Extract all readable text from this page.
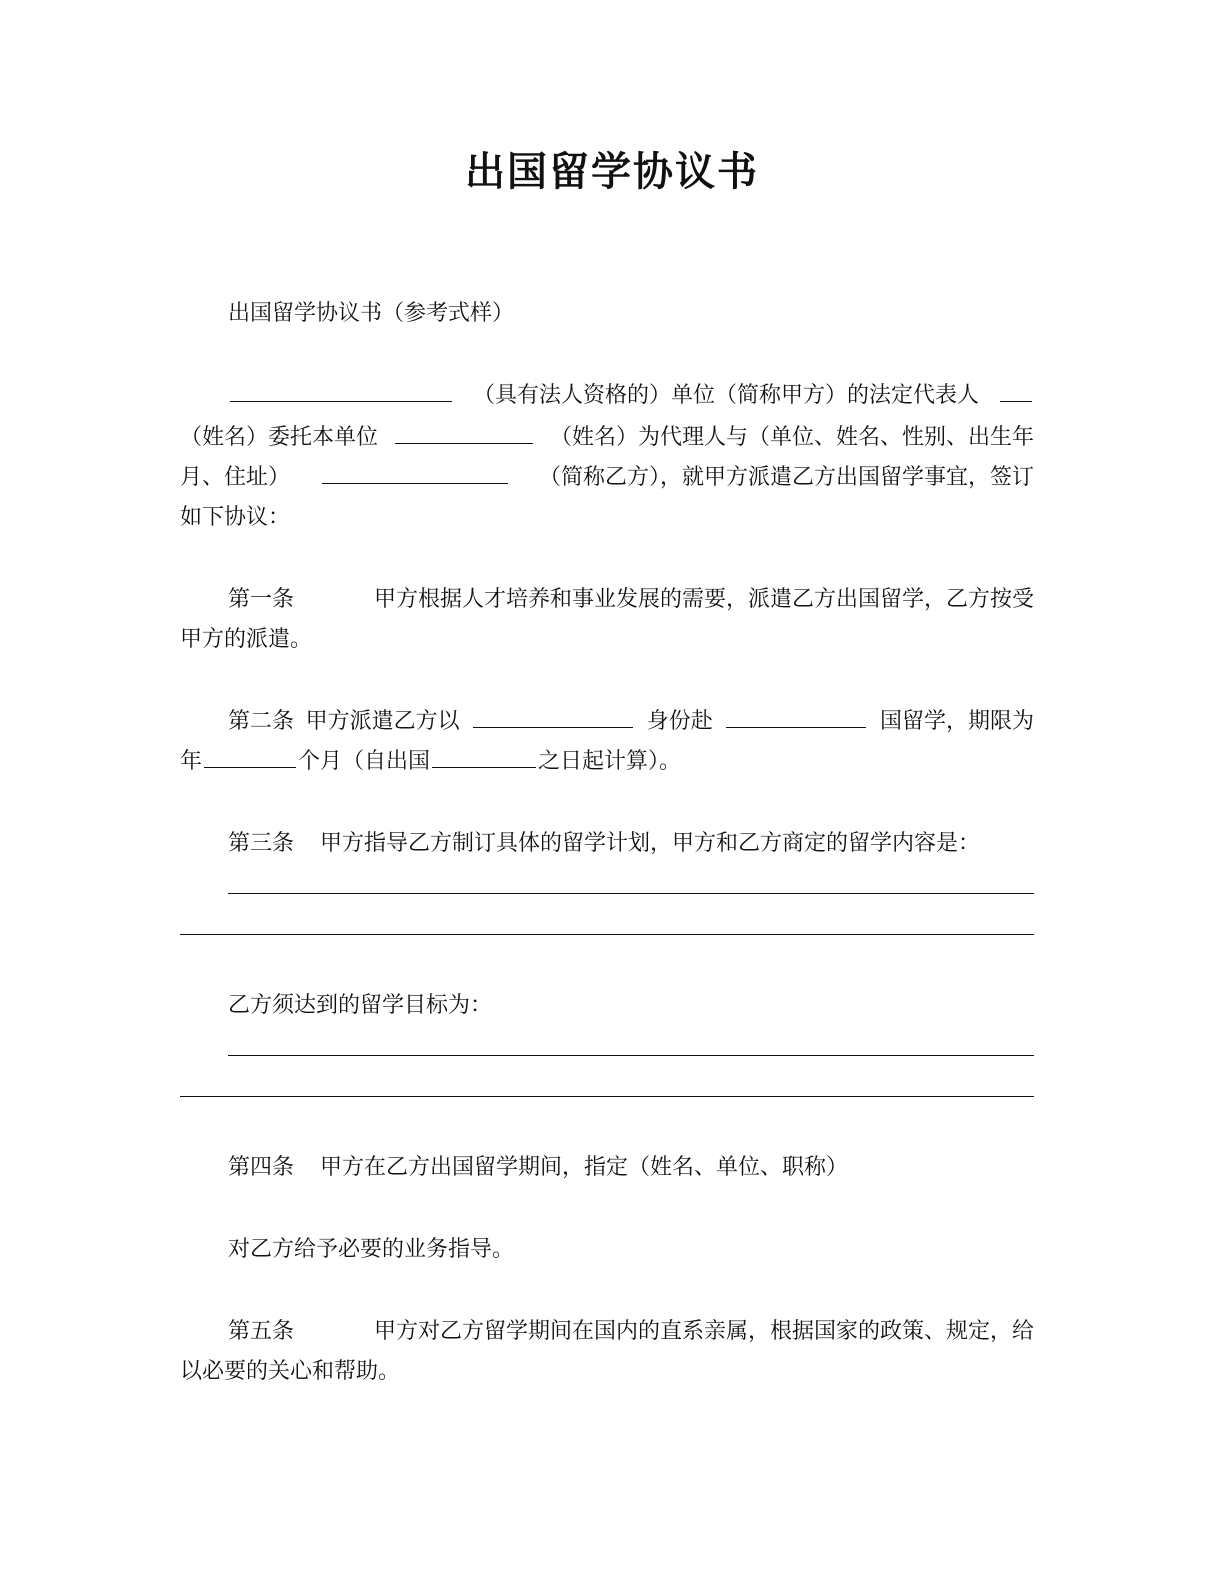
出国留学协议书
出国留学协议书（参考式样）
（具有法人资格的）单位（简称甲方）的法定代表人
（姓名）委托本单位	（姓名）为代理人与（单位、姓名、性别、出生年
月、住址）	（简称乙方），就甲方派遣乙方出国留学事宜，签订
如下协议：
第一条	甲方根据人才培养和事业发展的需要，派遣乙方出国留学，乙方按受
甲方的派遣。
第二条 甲方派遣乙方以	身份赴	国留学，期限为
年	个月（自出国	之日起计算）。
第三条 甲方指导乙方制订具体的留学计划，甲方和乙方商定的留学内容是：
乙方须达到的留学目标为：
第四条 甲方在乙方出国留学期间，指定（姓名、单位、职称）
对乙方给予必要的业务指导。
第五条	甲方对乙方留学期间在国内的直系亲属，根据国家的政策、规定，给
以必要的关心和帮助。
